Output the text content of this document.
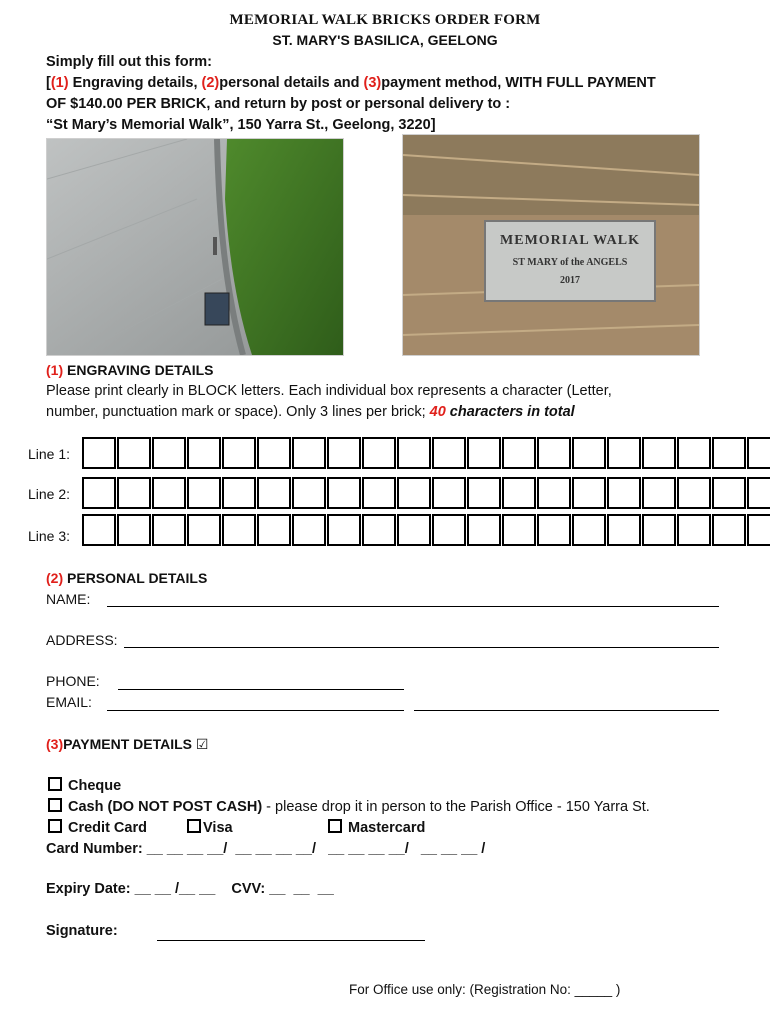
MEMORIAL WALK BRICKS ORDER FORM
ST. MARY'S BASILICA, GEELONG
Simply fill out this form:
[(1) Engraving details, (2)personal details and (3)payment method, WITH FULL PAYMENT
OF $140.00 PER BRICK, and return by post or personal delivery to :
“St Mary’s Memorial Walk”, 150 Yarra St., Geelong, 3220]
MEMORIAL WALK
ST MARY of the ANGELS
2017
(1) ENGRAVING DETAILS
Please print clearly in BLOCK letters. Each individual box represents a character (Letter,
number, punctuation mark or space). Only 3 lines per brick; 40 characters in total
Line 1:
Line 2:
Line 3:
(2) PERSONAL DETAILS
NAME:
ADDRESS:
PHONE:
EMAIL:
(3)PAYMENT DETAILS ☑
Cheque
Cash (DO NOT POST CASH) - please drop it in person to the Parish Office - 150 Yarra St.
Credit Card	Visa	Mastercard
Card Number: __ __ __ __/  __ __ __ __/   __ __ __ __/   __ __ __ /
Expiry Date: __ __ /__ __    CVV: __  __  __
Signature:
For Office use only: (Registration No: _____ )
